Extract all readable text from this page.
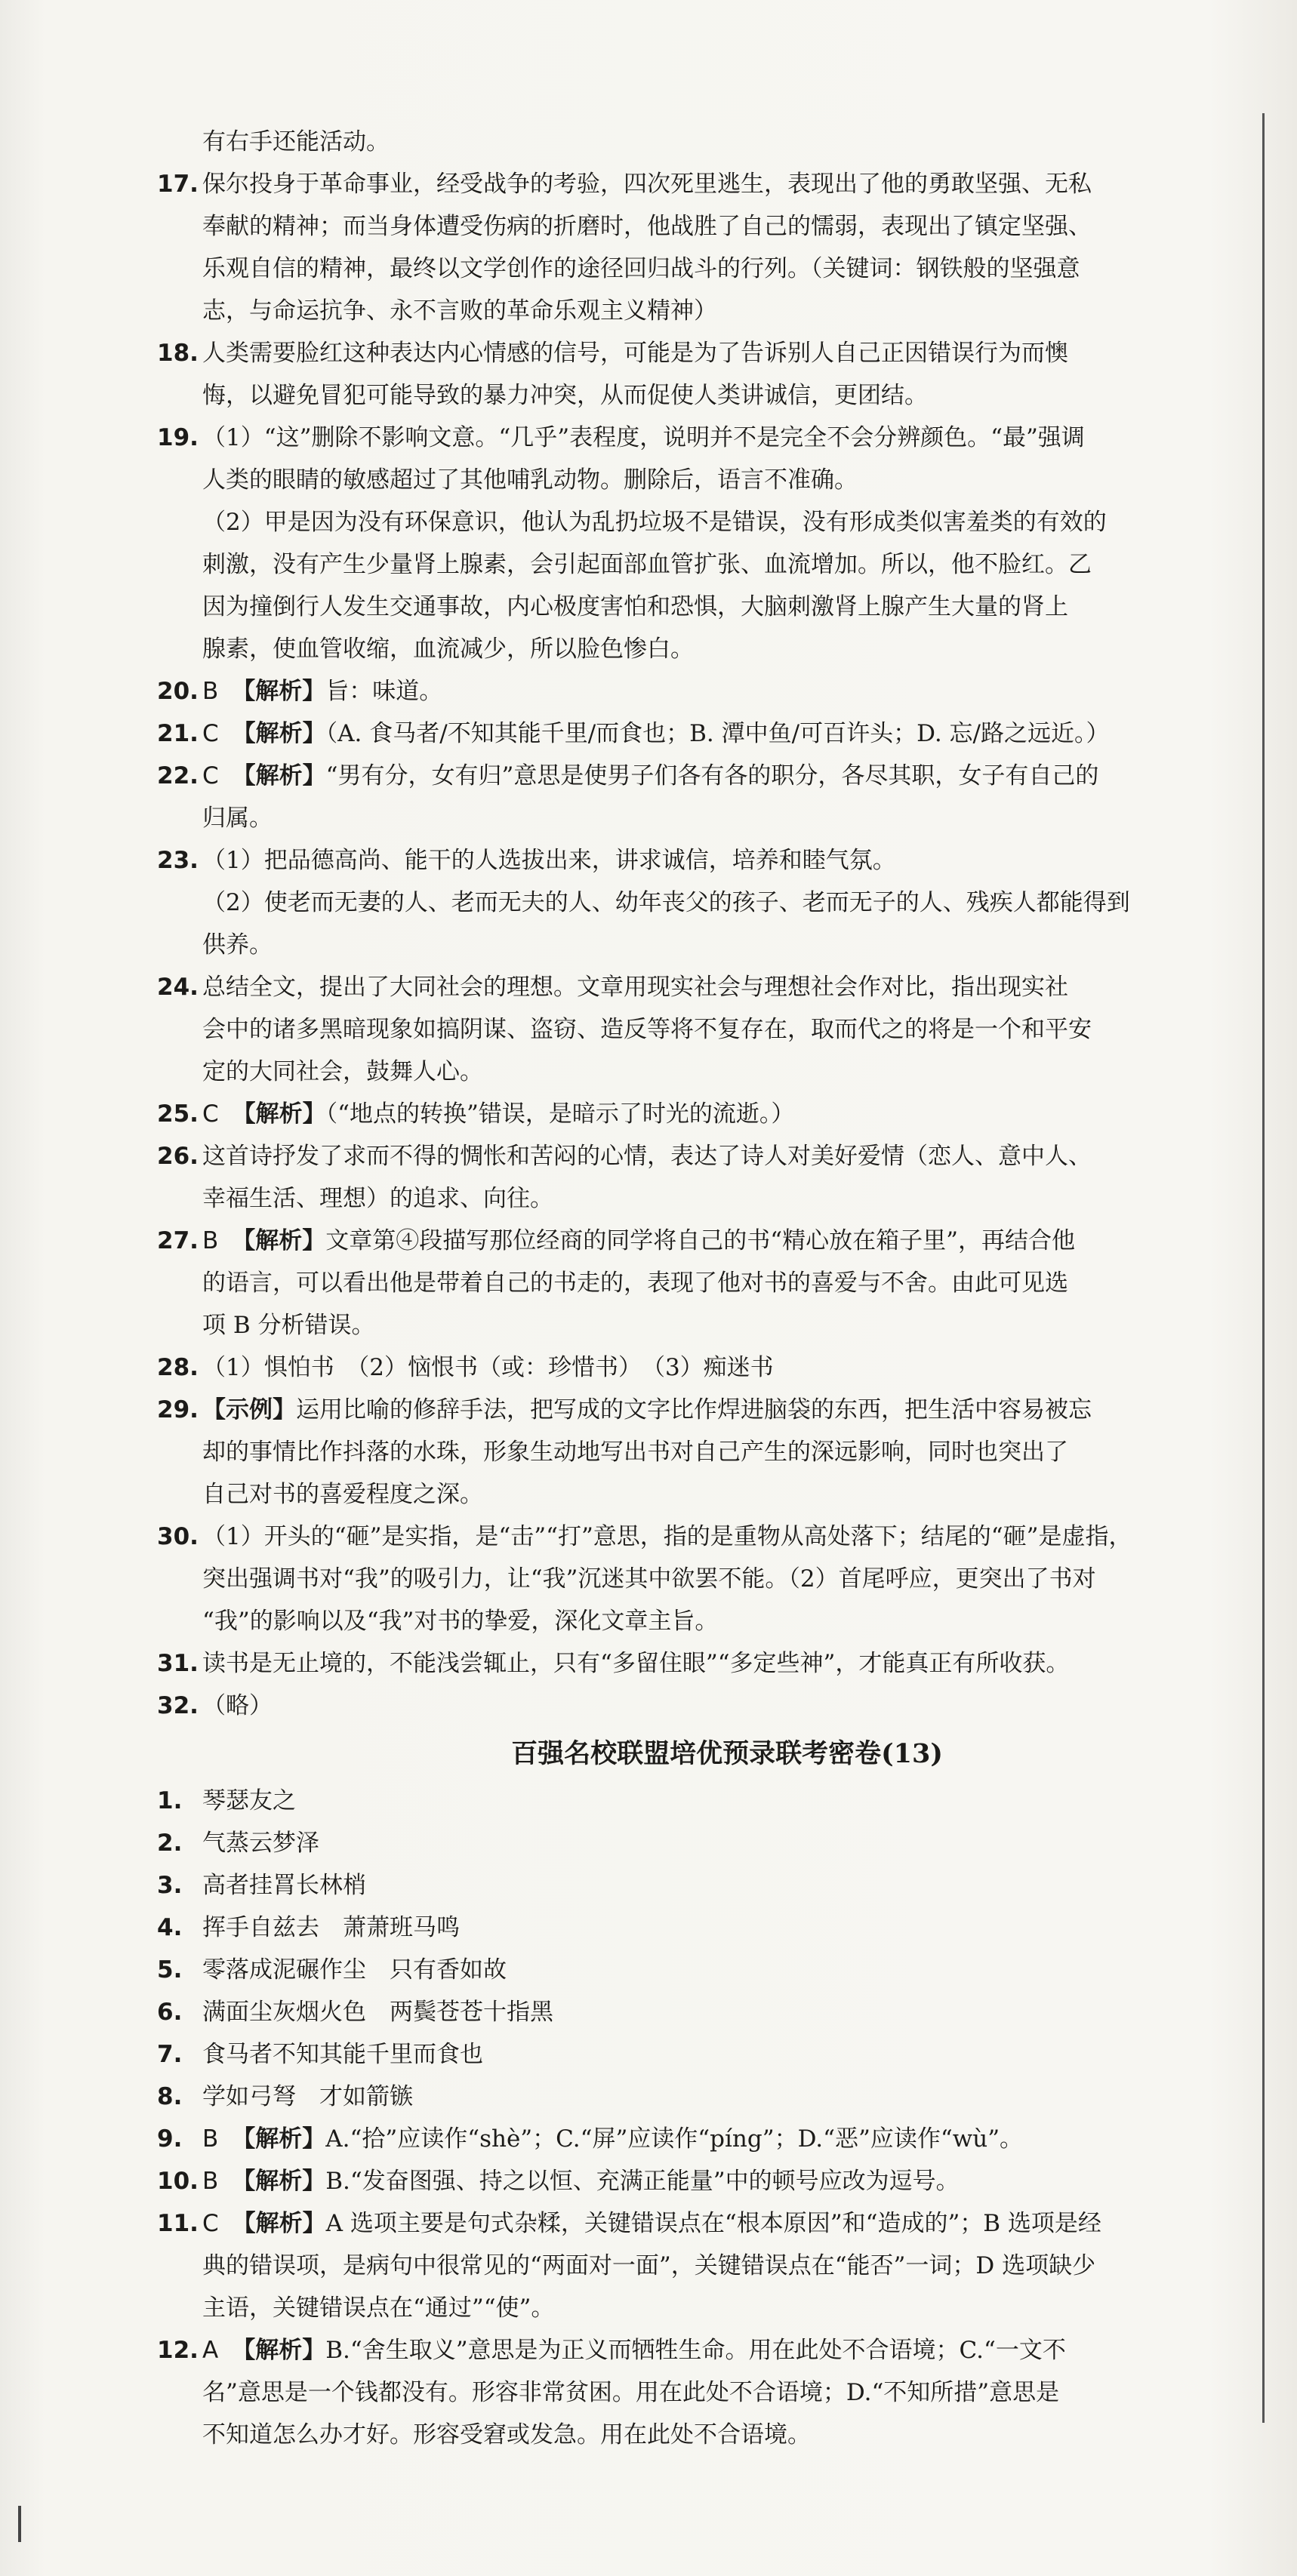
有右手还能活动。
17. 保尔投身于革命事业，经受战争的考验，四次死里逃生，表现出了他的勇敢坚强、无私
奉献的精神；而当身体遭受伤病的折磨时，他战胜了自己的懦弱，表现出了镇定坚强、
乐观自信的精神，最终以文学创作的途径回归战斗的行列。（关键词：钢铁般的坚强意
志，与命运抗争、永不言败的革命乐观主义精神）
18. 人类需要脸红这种表达内心情感的信号，可能是为了告诉别人自己正因错误行为而懊
悔，以避免冒犯可能导致的暴力冲突，从而促使人类讲诚信，更团结。
19. （1）“这”删除不影响文意。“几乎”表程度，说明并不是完全不会分辨颜色。“最”强调
人类的眼睛的敏感超过了其他哺乳动物。删除后，语言不准确。
（2）甲是因为没有环保意识，他认为乱扔垃圾不是错误，没有形成类似害羞类的有效的
刺激，没有产生少量肾上腺素，会引起面部血管扩张、血流增加。所以，他不脸红。乙
因为撞倒行人发生交通事故，内心极度害怕和恐惧，大脑刺激肾上腺产生大量的肾上
腺素，使血管收缩，血流减少，所以脸色惨白。
20. B 【解析】旨：味道。
21. C 【解析】（A. 食马者/不知其能千里/而食也；B. 潭中鱼/可百许头；D. 忘/路之远近。）
22. C 【解析】“男有分，女有归”意思是使男子们各有各的职分，各尽其职，女子有自己的
归属。
23. （1）把品德高尚、能干的人选拔出来，讲求诚信，培养和睦气氛。
（2）使老而无妻的人、老而无夫的人、幼年丧父的孩子、老而无子的人、残疾人都能得到
供养。
24. 总结全文，提出了大同社会的理想。文章用现实社会与理想社会作对比，指出现实社
会中的诸多黑暗现象如搞阴谋、盗窃、造反等将不复存在，取而代之的将是一个和平安
定的大同社会，鼓舞人心。
25. C 【解析】（“地点的转换”错误，是暗示了时光的流逝。）
26. 这首诗抒发了求而不得的惆怅和苦闷的心情，表达了诗人对美好爱情（恋人、意中人、
幸福生活、理想）的追求、向往。
27. B 【解析】文章第④段描写那位经商的同学将自己的书“精心放在箱子里”，再结合他
的语言，可以看出他是带着自己的书走的，表现了他对书的喜爱与不舍。由此可见选
项 B 分析错误。
28. （1）惧怕书　（2）恼恨书（或：珍惜书）　（3）痴迷书
29. 【示例】运用比喻的修辞手法，把写成的文字比作焊进脑袋的东西，把生活中容易被忘
却的事情比作抖落的水珠，形象生动地写出书对自己产生的深远影响，同时也突出了
自己对书的喜爱程度之深。
30. （1）开头的“砸”是实指，是“击”“打”意思，指的是重物从高处落下；结尾的“砸”是虚指，
突出强调书对“我”的吸引力，让“我”沉迷其中欲罢不能。（2）首尾呼应，更突出了书对
“我”的影响以及“我”对书的挚爱，深化文章主旨。
31. 读书是无止境的，不能浅尝辄止，只有“多留住眼”“多定些神”，才能真正有所收获。
32. （略）
百强名校联盟培优预录联考密卷(13)
1. 琴瑟友之
2. 气蒸云梦泽
3. 高者挂罥长林梢
4. 挥手自兹去　萧萧班马鸣
5. 零落成泥碾作尘　只有香如故
6. 满面尘灰烟火色　两鬓苍苍十指黑
7. 食马者不知其能千里而食也
8. 学如弓弩　才如箭镞
9. B 【解析】A.“拾”应读作“shè”；C.“屏”应读作“píng”；D.“恶”应读作“wù”。
10. B 【解析】B.“发奋图强、持之以恒、充满正能量”中的顿号应改为逗号。
11. C 【解析】A 选项主要是句式杂糅，关键错误点在“根本原因”和“造成的”；B 选项是经
典的错误项，是病句中很常见的“两面对一面”，关键错误点在“能否”一词；D 选项缺少
主语，关键错误点在“通过”“使”。
12. A 【解析】B.“舍生取义”意思是为正义而牺牲生命。用在此处不合语境；C.“一文不
名”意思是一个钱都没有。形容非常贫困。用在此处不合语境；D.“不知所措”意思是
不知道怎么办才好。形容受窘或发急。用在此处不合语境。
